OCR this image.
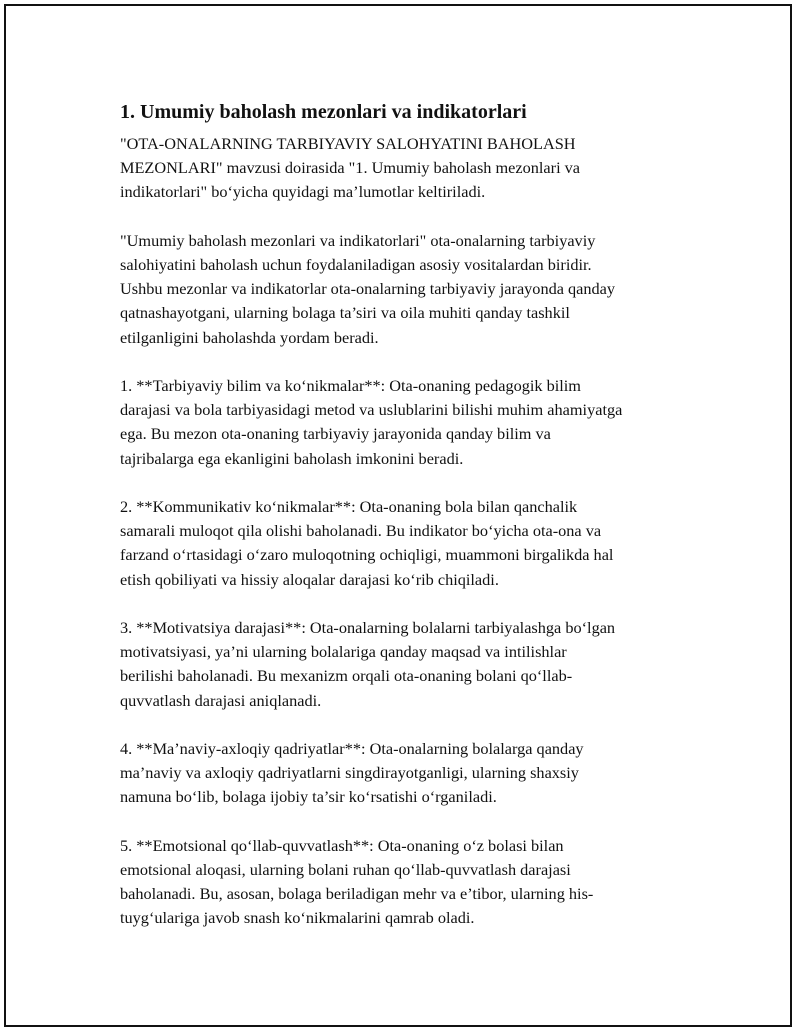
1. Umumiy baholash mezonlari va indikatorlari

"OTA-ONALARNING TARBIYAVIY SALOHYATINI BAHOLASH
MEZONLARI" mavzusi doirasida "1. Umumiy baholash mezonlari va
indikatorlari" bo‘yicha quyidagi ma’lumotlar keltiriladi.

"Umumiy baholash mezonlari va indikatorlari" ota-onalarning tarbiyaviy
salohiyatini baholash uchun foydalaniladigan asosiy vositalardan biridir.
Ushbu mezonlar va indikatorlar ota-onalarning tarbiyaviy jarayonda qanday
qatnashayotgani, ularning bolaga ta’siri va oila muhiti qanday tashkil
etilganligini baholashda yordam beradi.

1. **Tarbiyaviy bilim va ko‘nikmalar**: Ota-onaning pedagogik bilim
darajasi va bola tarbiyasidagi metod va uslublarini bilishi muhim ahamiyatga
ega. Bu mezon ota-onaning tarbiyaviy jarayonida qanday bilim va
tajribalarga ega ekanligini baholash imkonini beradi.

2. **Kommunikativ ko‘nikmalar**: Ota-onaning bola bilan qanchalik
samarali muloqot qila olishi baholanadi. Bu indikator bo‘yicha ota-ona va
farzand o‘rtasidagi o‘zaro muloqotning ochiqligi, muammoni birgalikda hal
etish qobiliyati va hissiy aloqalar darajasi ko‘rib chiqiladi.

3. **Motivatsiya darajasi**: Ota-onalarning bolalarni tarbiyalashga bo‘lgan
motivatsiyasi, ya’ni ularning bolalariga qanday maqsad va intilishlar
berilishi baholanadi. Bu mexanizm orqali ota-onaning bolani qo‘llab-
quvvatlash darajasi aniqlanadi.

4. **Ma’naviy-axloqiy qadriyatlar**: Ota-onalarning bolalarga qanday
ma’naviy va axloqiy qadriyatlarni singdirayotganligi, ularning shaxsiy
namuna bo‘lib, bolaga ijobiy ta’sir ko‘rsatishi o‘rganiladi.

5. **Emotsional qo‘llab-quvvatlash**: Ota-onaning o‘z bolasi bilan
emotsional aloqasi, ularning bolani ruhan qo‘llab-quvvatlash darajasi
baholanadi. Bu, asosan, bolaga beriladigan mehr va e’tibor, ularning his-
tuyg‘ulariga javob snash ko‘nikmalarini qamrab oladi.
